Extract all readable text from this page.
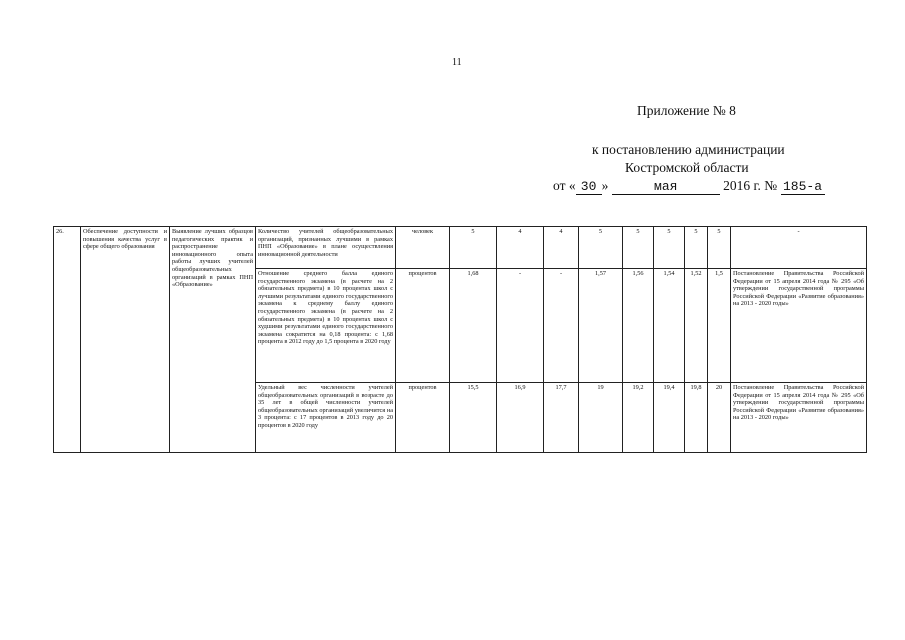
11
Приложение № 8
к постановлению администрации
Костромской области
от « 30 »	мая	2016 г. № 185-а
26.	Обеспечение доступности и повышения качества услуг в сфере общего образования	Выявление лучших образцов педагогических практик и распространение инновационного опыта работы лучших учителей общеобразовательных организаций в рамках ПНП «Образование»	Количество учителей общеобразовательных организаций, признанных лучшими в рамках ПНП «Образование» в плане осуществления инновационной деятельности	человек	5	4	4	5	5	5	5	5	-
			Отношение среднего балла единого государственного экзамена (в расчете на 2 обязательных предмета) в 10 процентах школ с лучшими результатами единого государственного экзамена к среднему баллу единого государственного экзамена (в расчете на 2 обязательных предмета) в 10 процентах школ с худшими результатами единого государственного экзамена сократится на 0,18 процента: с 1,68 процента в 2012 году до 1,5 процента в 2020 году	процентов	1,68	-	-	1,57	1,56	1,54	1,52	1,5	Постановление Правительства Российской Федерации от 15 апреля 2014 года № 295 «Об утверждении государственной программы Российской Федерации «Развитие образования» на 2013 - 2020 годы»
			Удельный вес численности учителей общеобразовательных организаций в возрасте до 35 лет в общей численности учителей общеобразовательных организаций увеличится на 3 процента: с 17 процентов в 2013 году до 20 процентов в 2020 году	процентов	15,5	16,9	17,7	19	19,2	19,4	19,8	20	Постановление Правительства Российской Федерации от 15 апреля 2014 года № 295 «Об утверждении государственной программы Российской Федерации «Развитие образования» на 2013 - 2020 годы»
